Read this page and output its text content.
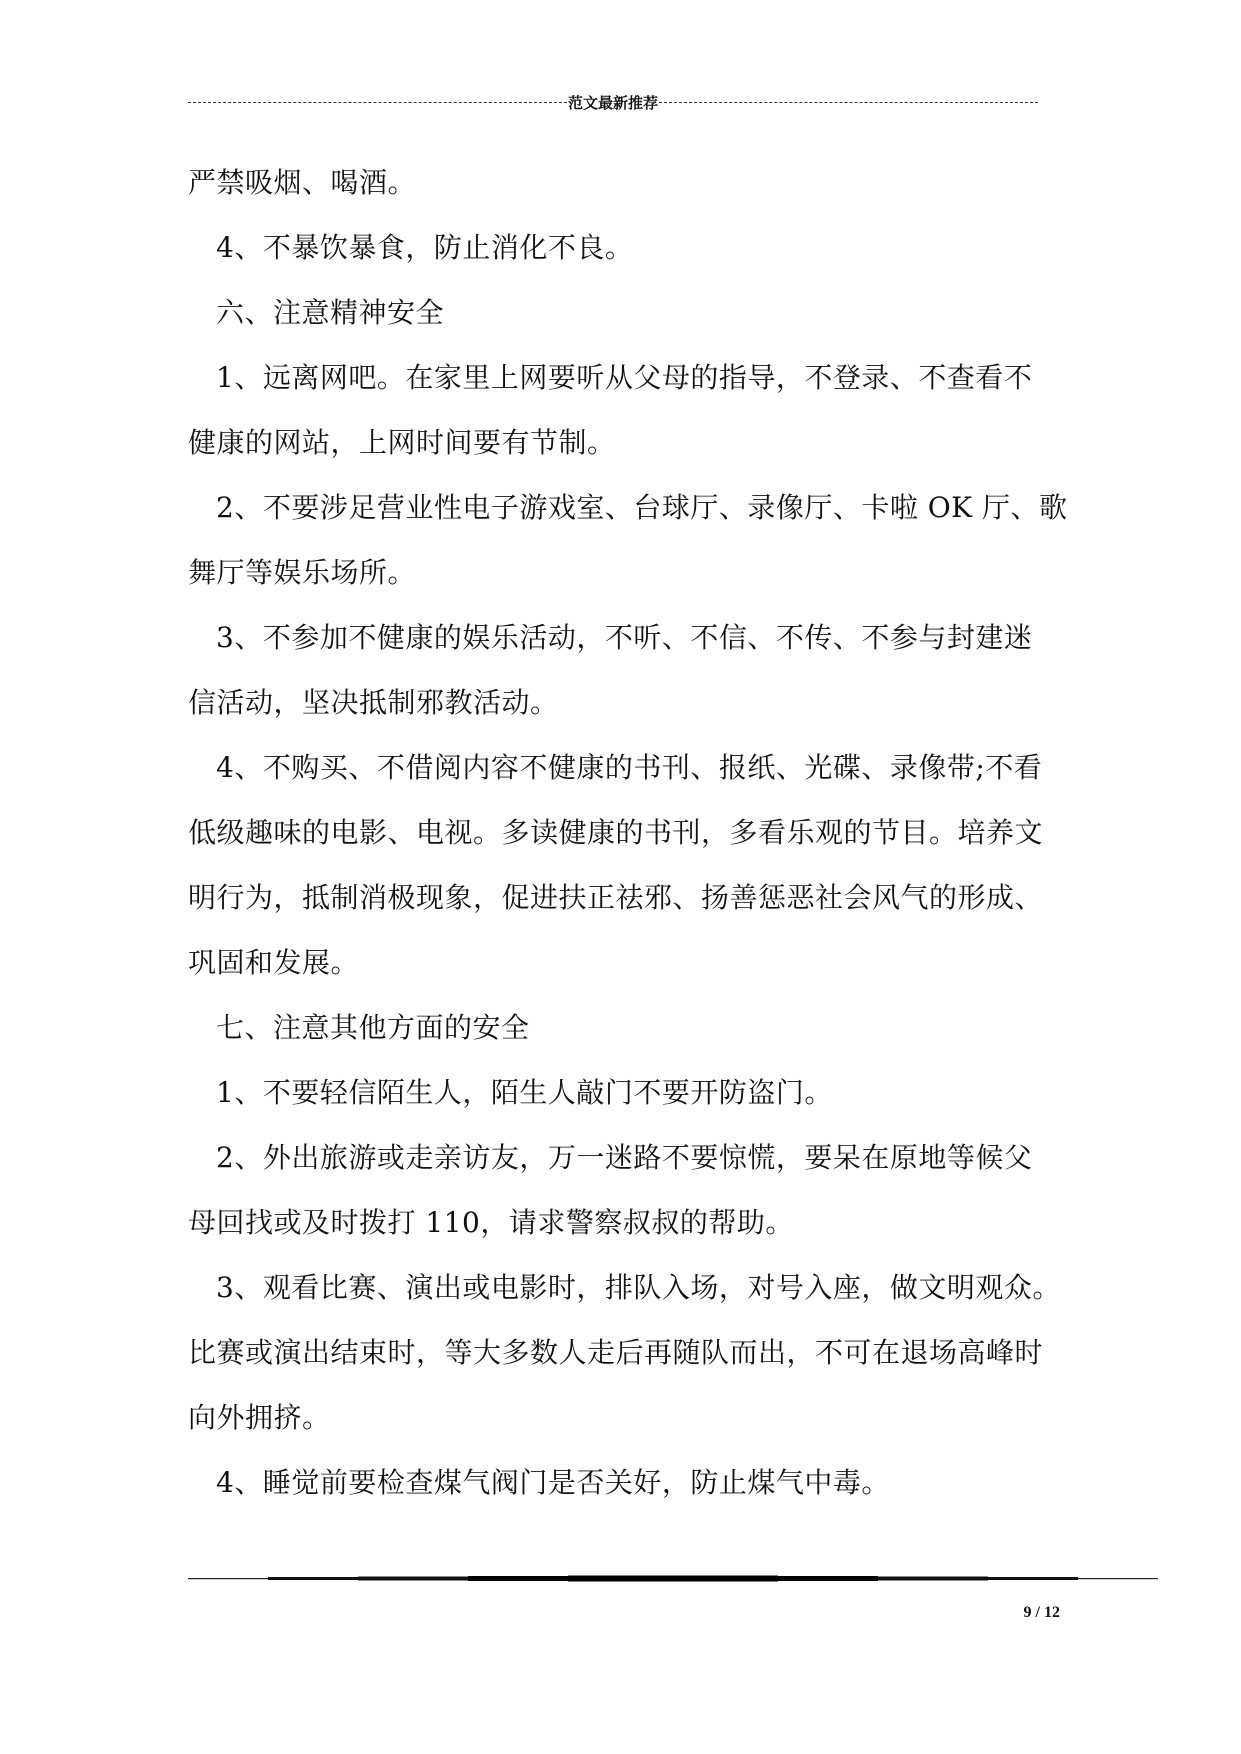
范文最新推荐
严禁吸烟、喝酒。
4、不暴饮暴食，防止消化不良。
六、注意精神安全
1、远离网吧。在家里上网要听从父母的指导，不登录、不查看不
健康的网站，上网时间要有节制。
2、不要涉足营业性电子游戏室、台球厅、录像厅、卡啦 OK 厅、歌
舞厅等娱乐场所。
3、不参加不健康的娱乐活动，不听、不信、不传、不参与封建迷
信活动，坚决抵制邪教活动。
4、不购买、不借阅内容不健康的书刊、报纸、光碟、录像带;不看
低级趣味的电影、电视。多读健康的书刊，多看乐观的节目。培养文
明行为，抵制消极现象，促进扶正祛邪、扬善惩恶社会风气的形成、
巩固和发展。
七、注意其他方面的安全
1、不要轻信陌生人，陌生人敲门不要开防盗门。
2、外出旅游或走亲访友，万一迷路不要惊慌，要呆在原地等候父
母回找或及时拨打 110，请求警察叔叔的帮助。
3、观看比赛、演出或电影时，排队入场，对号入座，做文明观众。
比赛或演出结束时，等大多数人走后再随队而出，不可在退场高峰时
向外拥挤。
4、睡觉前要检查煤气阀门是否关好，防止煤气中毒。
9 / 12
